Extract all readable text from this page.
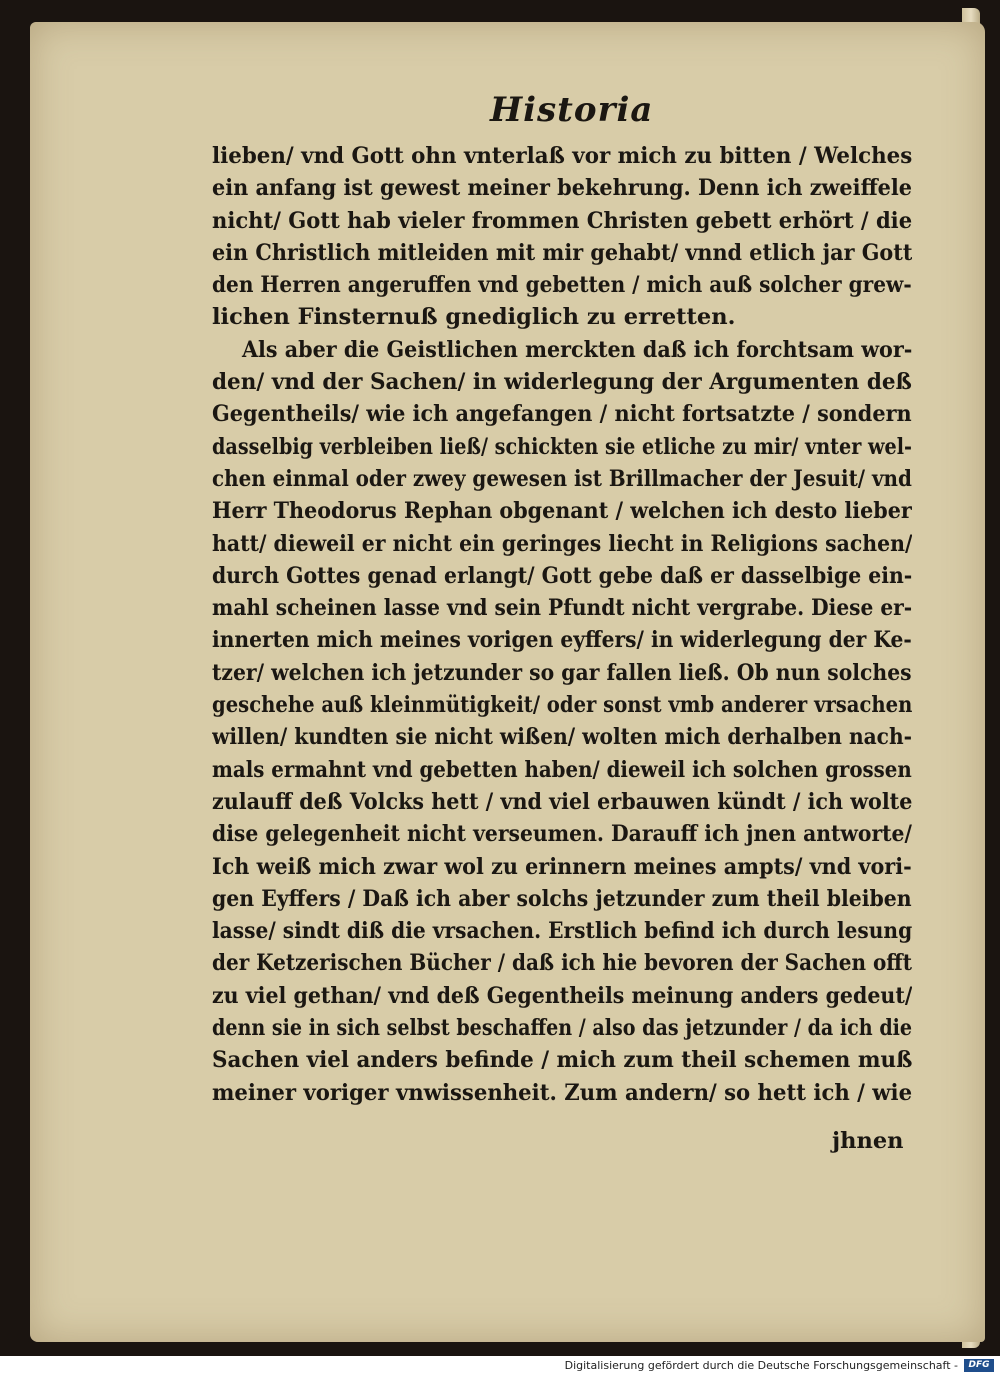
Historia
lieben/ vnd Gott ohn vnterlaß vor mich zu bitten / Welches
ein anfang ist gewest meiner bekehrung. Denn ich zweiffele
nicht/ Gott hab vieler frommen Christen gebett erhört / die
ein Christlich mitleiden mit mir gehabt/ vnnd etlich jar Gott
den Herren angeruffen vnd gebetten / mich auß solcher grew-
lichen Finsternuß gnediglich zu erretten.
Als aber die Geistlichen merckten daß ich forchtsam wor-
den/ vnd der Sachen/ in widerlegung der Argumenten deß
Gegentheils/ wie ich angefangen / nicht fortsatzte / sondern
dasselbig verbleiben ließ/ schickten sie etliche zu mir/ vnter wel-
chen einmal oder zwey gewesen ist Brillmacher der Jesuit/ vnd
Herr Theodorus Rephan obgenant / welchen ich desto lieber
hatt/ dieweil er nicht ein geringes liecht in Religions sachen/
durch Gottes genad erlangt/ Gott gebe daß er dasselbige ein-
mahl scheinen lasse vnd sein Pfundt nicht vergrabe. Diese er-
innerten mich meines vorigen eyffers/ in widerlegung der Ke-
tzer/ welchen ich jetzunder so gar fallen ließ. Ob nun solches
geschehe auß kleinmütigkeit/ oder sonst vmb anderer vrsachen
willen/ kundten sie nicht wißen/ wolten mich derhalben nach-
mals ermahnt vnd gebetten haben/ dieweil ich solchen grossen
zulauff deß Volcks hett / vnd viel erbauwen kündt / ich wolte
dise gelegenheit nicht verseumen. Darauff ich jnen antworte/
Ich weiß mich zwar wol zu erinnern meines ampts/ vnd vori-
gen Eyffers / Daß ich aber solchs jetzunder zum theil bleiben
lasse/ sindt diß die vrsachen. Erstlich befind ich durch lesung
der Ketzerischen Bücher / daß ich hie bevoren der Sachen offt
zu viel gethan/ vnd deß Gegentheils meinung anders gedeut/
denn sie in sich selbst beschaffen / also das jetzunder / da ich die
Sachen viel anders befinde / mich zum theil schemen muß
meiner voriger vnwissenheit. Zum andern/ so hett ich / wie
jhnen
Digitalisierung gefördert durch die Deutsche Forschungsgemeinschaft -	DFG
